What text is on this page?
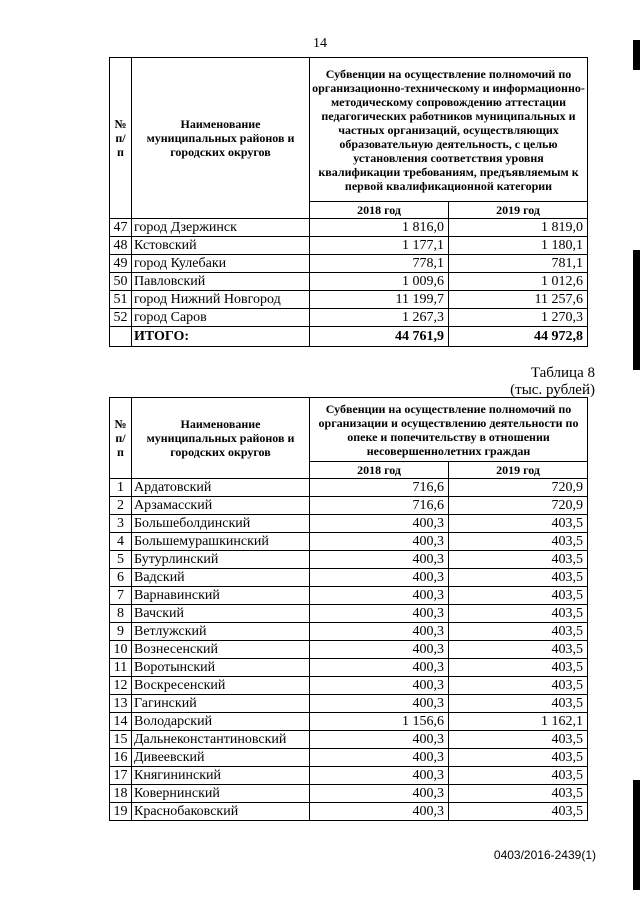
14
№ п/п	Наименование муниципальных районов и городских округов	Субвенции на осуществление полномочий по организационно-техническому и информационно-методическому сопровождению аттестации педагогических работников муниципальных и частных организаций, осуществляющих образовательную деятельность, с целью установления соответствия уровня квалификации требованиям, предъявляемым к первой квалификационной категории	
		2018 год	2019 год
47	город Дзержинск	1 816,0	1 819,0
48	Кстовский	1 177,1	1 180,1
49	город Кулебаки	778,1	781,1
50	Павловский	1 009,6	1 012,6
51	город Нижний Новгород	11 199,7	11 257,6
52	город Саров	1 267,3	1 270,3
	ИТОГО:	44 761,9	44 972,8
Таблица 8
(тыс. рублей)
№ п/п	Наименование муниципальных районов и городских округов	Субвенции на осуществление полномочий по организации и осуществлению деятельности по опеке и попечительству в отношении несовершеннолетних граждан	
		2018 год	2019 год
1	Ардатовский	716,6	720,9
2	Арзамасский	716,6	720,9
3	Большеболдинский	400,3	403,5
4	Большемурашкинский	400,3	403,5
5	Бутурлинский	400,3	403,5
6	Вадский	400,3	403,5
7	Варнавинский	400,3	403,5
8	Вачский	400,3	403,5
9	Ветлужский	400,3	403,5
10	Вознесенский	400,3	403,5
11	Воротынский	400,3	403,5
12	Воскресенский	400,3	403,5
13	Гагинский	400,3	403,5
14	Володарский	1 156,6	1 162,1
15	Дальнеконстантиновский	400,3	403,5
16	Дивеевский	400,3	403,5
17	Княгининский	400,3	403,5
18	Ковернинский	400,3	403,5
19	Краснобаковский	400,3	403,5
0403/2016-2439(1)
